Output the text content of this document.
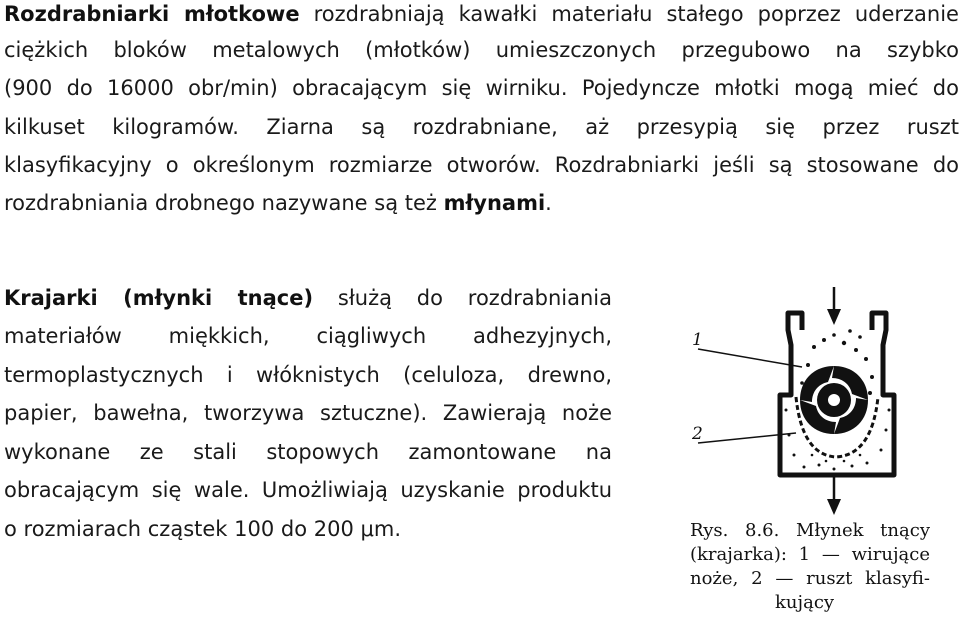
Rozdrabniarki młotkowe rozdrabniają kawałki materiału stałego poprzez uderzanie
ciężkich bloków metalowych (młotków) umieszczonych przegubowo na szybko
(900 do 16000 obr/min) obracającym się wirniku. Pojedyncze młotki mogą mieć do
kilkuset kilogramów. Ziarna są rozdrabniane, aż przesypią się przez ruszt
klasyfikacyjny o określonym rozmiarze otworów. Rozdrabniarki jeśli są stosowane do
rozdrabniania drobnego nazywane są też młynami.
Krajarki (młynki tnące) służą do rozdrabniania
materiałów miękkich, ciągliwych adhezyjnych,
termoplastycznych i włóknistych (celuloza, drewno,
papier, bawełna, tworzywa sztuczne). Zawierają noże
wykonane ze stali stopowych zamontowane na
obracającym się wale. Umożliwiają uzyskanie produktu
o rozmiarach cząstek 100 do 200 μm.
1
2
Rys. 8.6. Młynek tnący
(krajarka): 1 — wirujące
noże, 2 — ruszt klasyfi-
kujący
